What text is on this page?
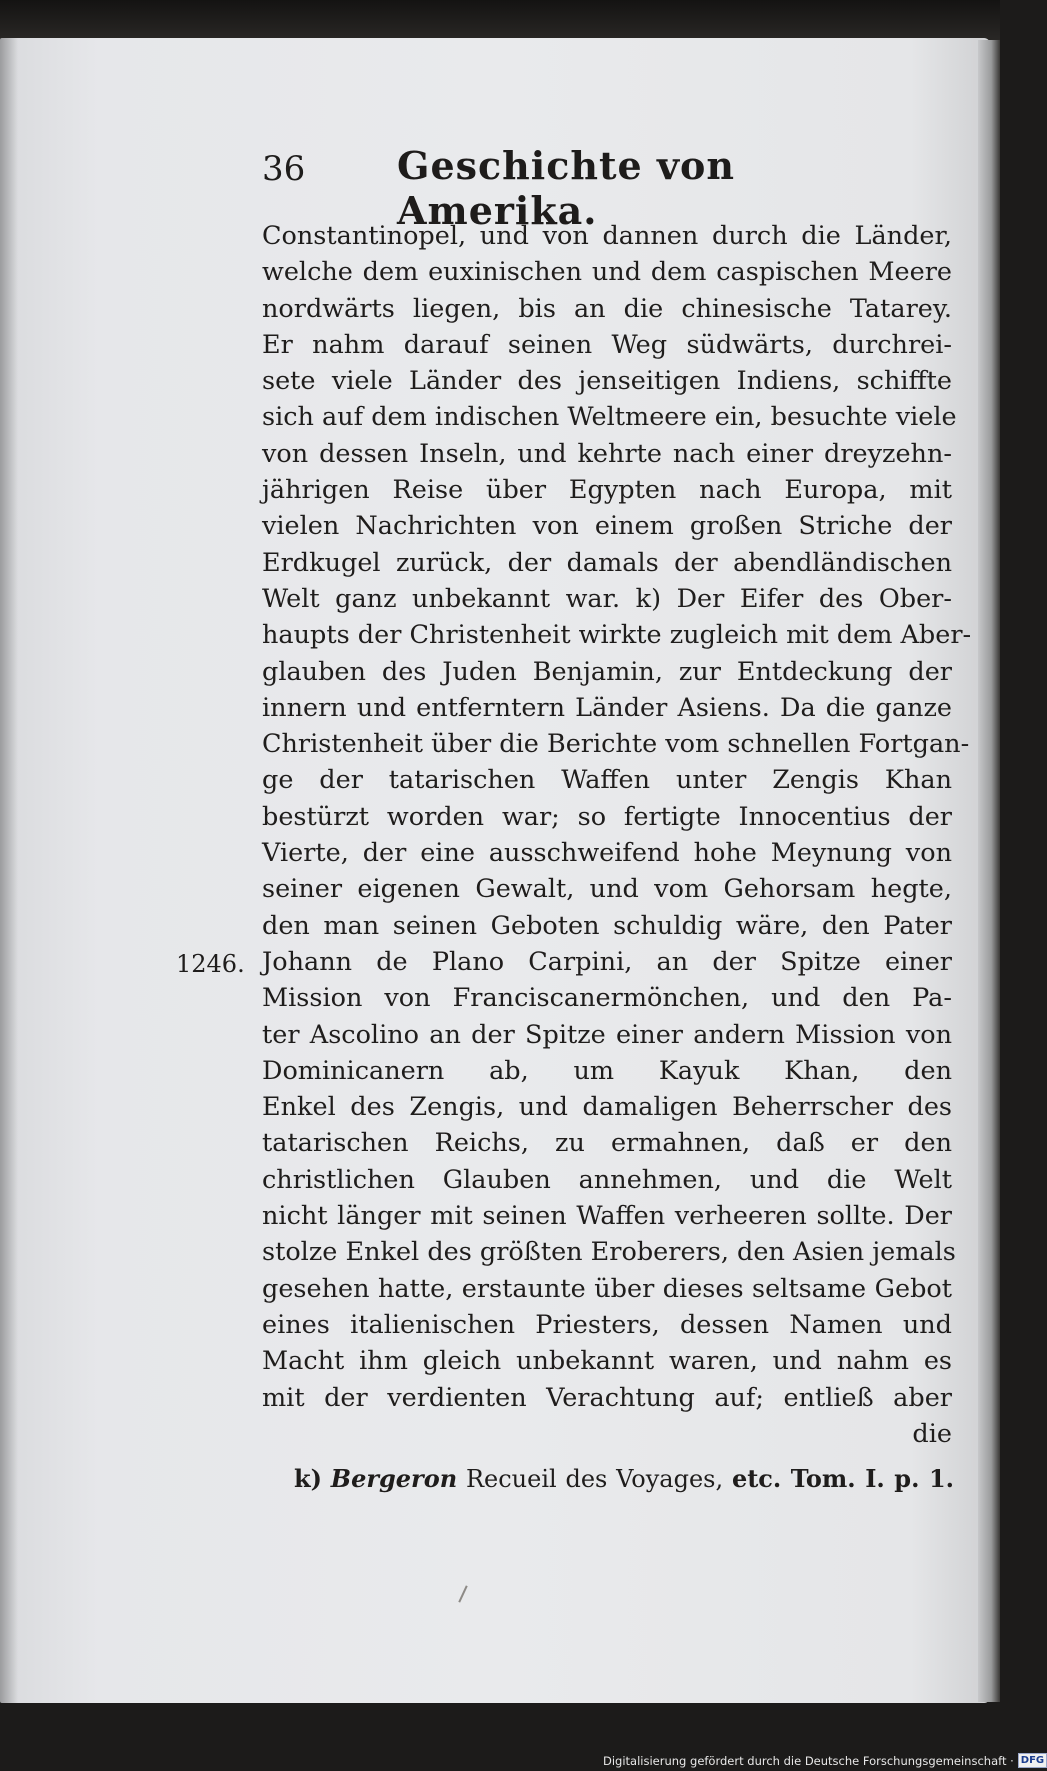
36 Geschichte von Amerika.
Constantinopel, und von dannen durch die Länder,
welche dem euxinischen und dem caspischen Meere
nordwärts liegen, bis an die chinesische Tatarey.
Er nahm darauf seinen Weg südwärts, durchrei-
sete viele Länder des jenseitigen Indiens, schiffte
sich auf dem indischen Weltmeere ein, besuchte viele
von dessen Inseln, und kehrte nach einer dreyzehn-
jährigen Reise über Egypten nach Europa, mit
vielen Nachrichten von einem großen Striche der
Erdkugel zurück, der damals der abendländischen
Welt ganz unbekannt war. k) Der Eifer des Ober-
haupts der Christenheit wirkte zugleich mit dem Aber-
glauben des Juden Benjamin, zur Entdeckung der
innern und entferntern Länder Asiens. Da die ganze
Christenheit über die Berichte vom schnellen Fortgan-
ge der tatarischen Waffen unter Zengis Khan
bestürzt worden war; so fertigte Innocentius der
Vierte, der eine ausschweifend hohe Meynung von
seiner eigenen Gewalt, und vom Gehorsam hegte,
den man seinen Geboten schuldig wäre, den Pater
Johann de Plano Carpini, an der Spitze einer
Mission von Franciscanermönchen, und den Pa-
ter Ascolino an der Spitze einer andern Mission von
Dominicanern ab, um Kayuk Khan, den
Enkel des Zengis, und damaligen Beherrscher des
tatarischen Reichs, zu ermahnen, daß er den
christlichen Glauben annehmen, und die Welt
nicht länger mit seinen Waffen verheeren sollte. Der
stolze Enkel des größten Eroberers, den Asien jemals
gesehen hatte, erstaunte über dieses seltsame Gebot
eines italienischen Priesters, dessen Namen und
Macht ihm gleich unbekannt waren, und nahm es
mit der verdienten Verachtung auf; entließ aber
die
1246.
k) Bergeron Recueil des Voyages, etc. Tom. I. p. 1.
Digitalisierung gefördert durch die Deutsche Forschungsgemeinschaft · DFG
